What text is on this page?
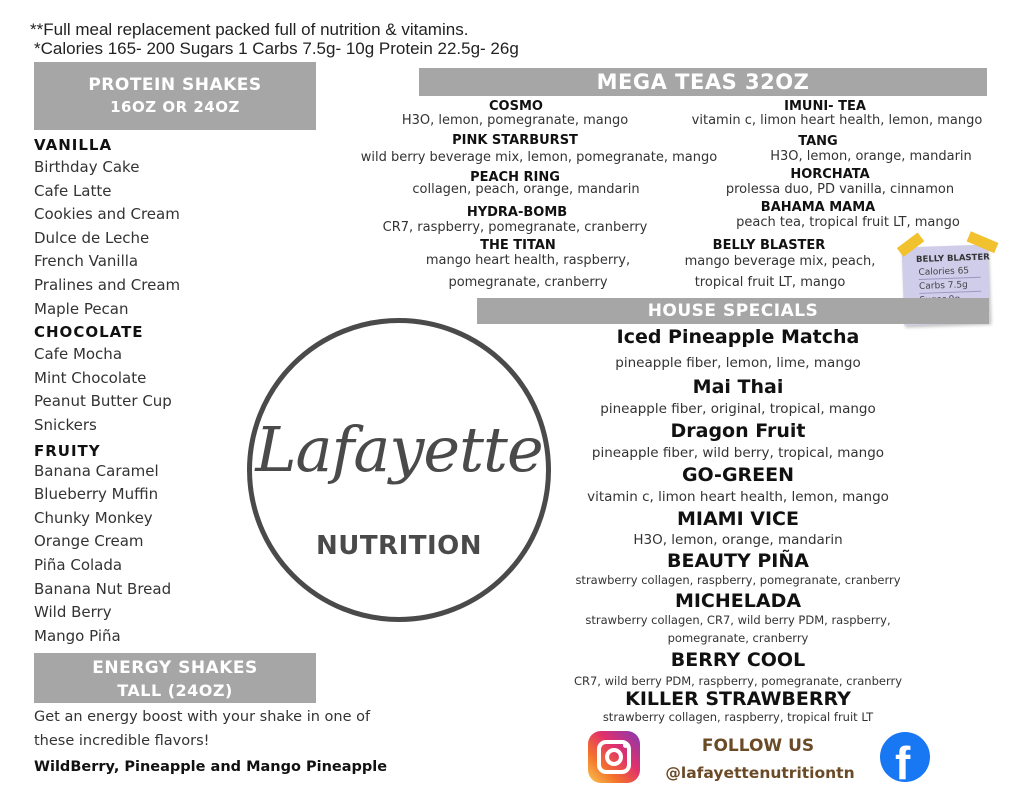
**Full meal replacement packed full of nutrition & vitamins.
*Calories 165- 200 Sugars 1 Carbs 7.5g- 10g Protein 22.5g- 26g
PROTEIN SHAKES
16OZ OR 24OZ
VANILLA
Birthday Cake
Cafe Latte
Cookies and Cream
Dulce de Leche
French Vanilla
Pralines and Cream
Maple Pecan
CHOCOLATE
Cafe Mocha
Mint Chocolate
Peanut Butter Cup
Snickers
FRUITY
Banana Caramel
Blueberry Muffin
Chunky Monkey
Orange Cream
Piña Colada
Banana Nut Bread
Wild Berry
Mango Piña
ENERGY SHAKES
TALL (24OZ)
Get an energy boost with your shake in one of
these incredible flavors!
WildBerry, Pineapple and Mango Pineapple
MEGA TEAS 32OZ
COSMO
H3O, lemon, pomegranate, mango
PINK STARBURST
wild berry beverage mix, lemon, pomegranate, mango
PEACH RING
collagen, peach, orange, mandarin
HYDRA-BOMB
CR7, raspberry, pomegranate, cranberry
THE TITAN
mango heart health, raspberry,
pomegranate, cranberry
IMUNI- TEA
vitamin c, limon heart health, lemon, mango
TANG
H3O, lemon, orange, mandarin
HORCHATA
prolessa duo, PD vanilla, cinnamon
BAHAMA MAMA
peach tea, tropical fruit LT, mango
BELLY BLASTER
mango beverage mix, peach,
tropical fruit LT, mango
BELLY BLASTER
Calories 65
Carbs 7.5g
HOUSE SPECIALS
Iced Pineapple Matcha
pineapple fiber, lemon, lime, mango
Mai Thai
pineapple fiber, original, tropical, mango
Dragon Fruit
pineapple fiber, wild berry, tropical, mango
GO-GREEN
vitamin c, limon heart health, lemon, mango
MIAMI VICE
H3O, lemon, orange, mandarin
BEAUTY PIÑA
strawberry collagen, raspberry, pomegranate, cranberry
MICHELADA
strawberry collagen, CR7, wild berry PDM, raspberry,
pomegranate, cranberry
BERRY COOL
CR7, wild berry PDM, raspberry, pomegranate, cranberry
KILLER STRAWBERRY
strawberry collagen, raspberry, tropical fruit LT
Lafayette
NUTRITION
FOLLOW US
@lafayettenutritiontn f
